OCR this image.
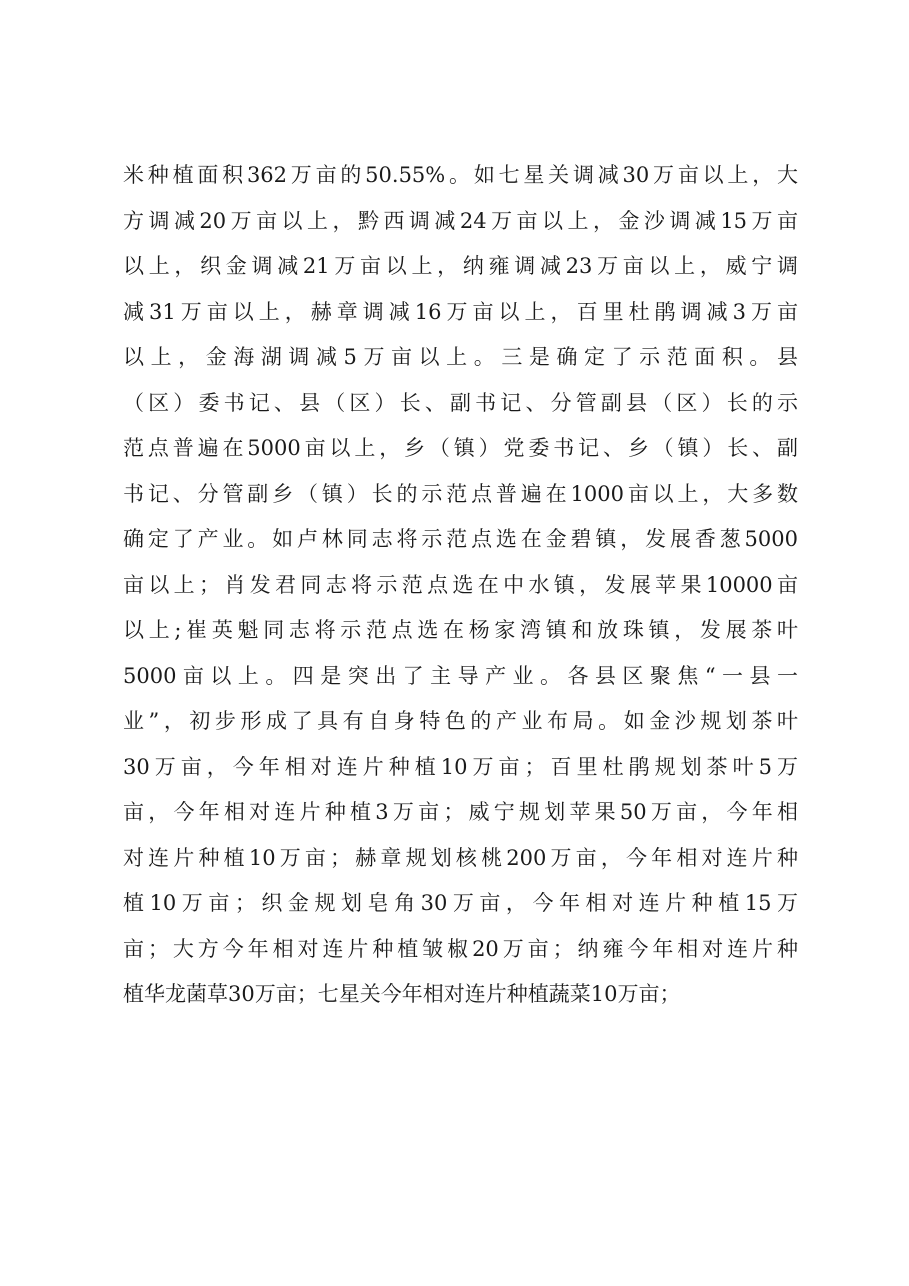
米种植面积362万亩的50.55%。如七星关调减30万亩以上，大
方调减20万亩以上，黔西调减24万亩以上，金沙调减15万亩
以上，织金调减21万亩以上，纳雍调减23万亩以上，威宁调
减31万亩以上，赫章调减16万亩以上，百里杜鹃调减3万亩
以上，金海湖调减5万亩以上。三是确定了示范面积。县
（区）委书记、县（区）长、副书记、分管副县（区）长的示
范点普遍在5000亩以上，乡（镇）党委书记、乡（镇）长、副
书记、分管副乡（镇）长的示范点普遍在1000亩以上，大多数
确定了产业。如卢林同志将示范点选在金碧镇，发展香葱5000
亩以上；肖发君同志将示范点选在中水镇，发展苹果10000亩
以上;崔英魁同志将示范点选在杨家湾镇和放珠镇，发展茶叶
5000亩以上。四是突出了主导产业。各县区聚焦“一县一
业”，初步形成了具有自身特色的产业布局。如金沙规划茶叶
30万亩，今年相对连片种植10万亩；百里杜鹃规划茶叶5万
亩，今年相对连片种植3万亩；威宁规划苹果50万亩，今年相
对连片种植10万亩；赫章规划核桃200万亩，今年相对连片种
植10万亩；织金规划皂角30万亩，今年相对连片种植15万
亩；大方今年相对连片种植皱椒20万亩；纳雍今年相对连片种
植华龙菌草30万亩；七星关今年相对连片种植蔬菜10万亩；
